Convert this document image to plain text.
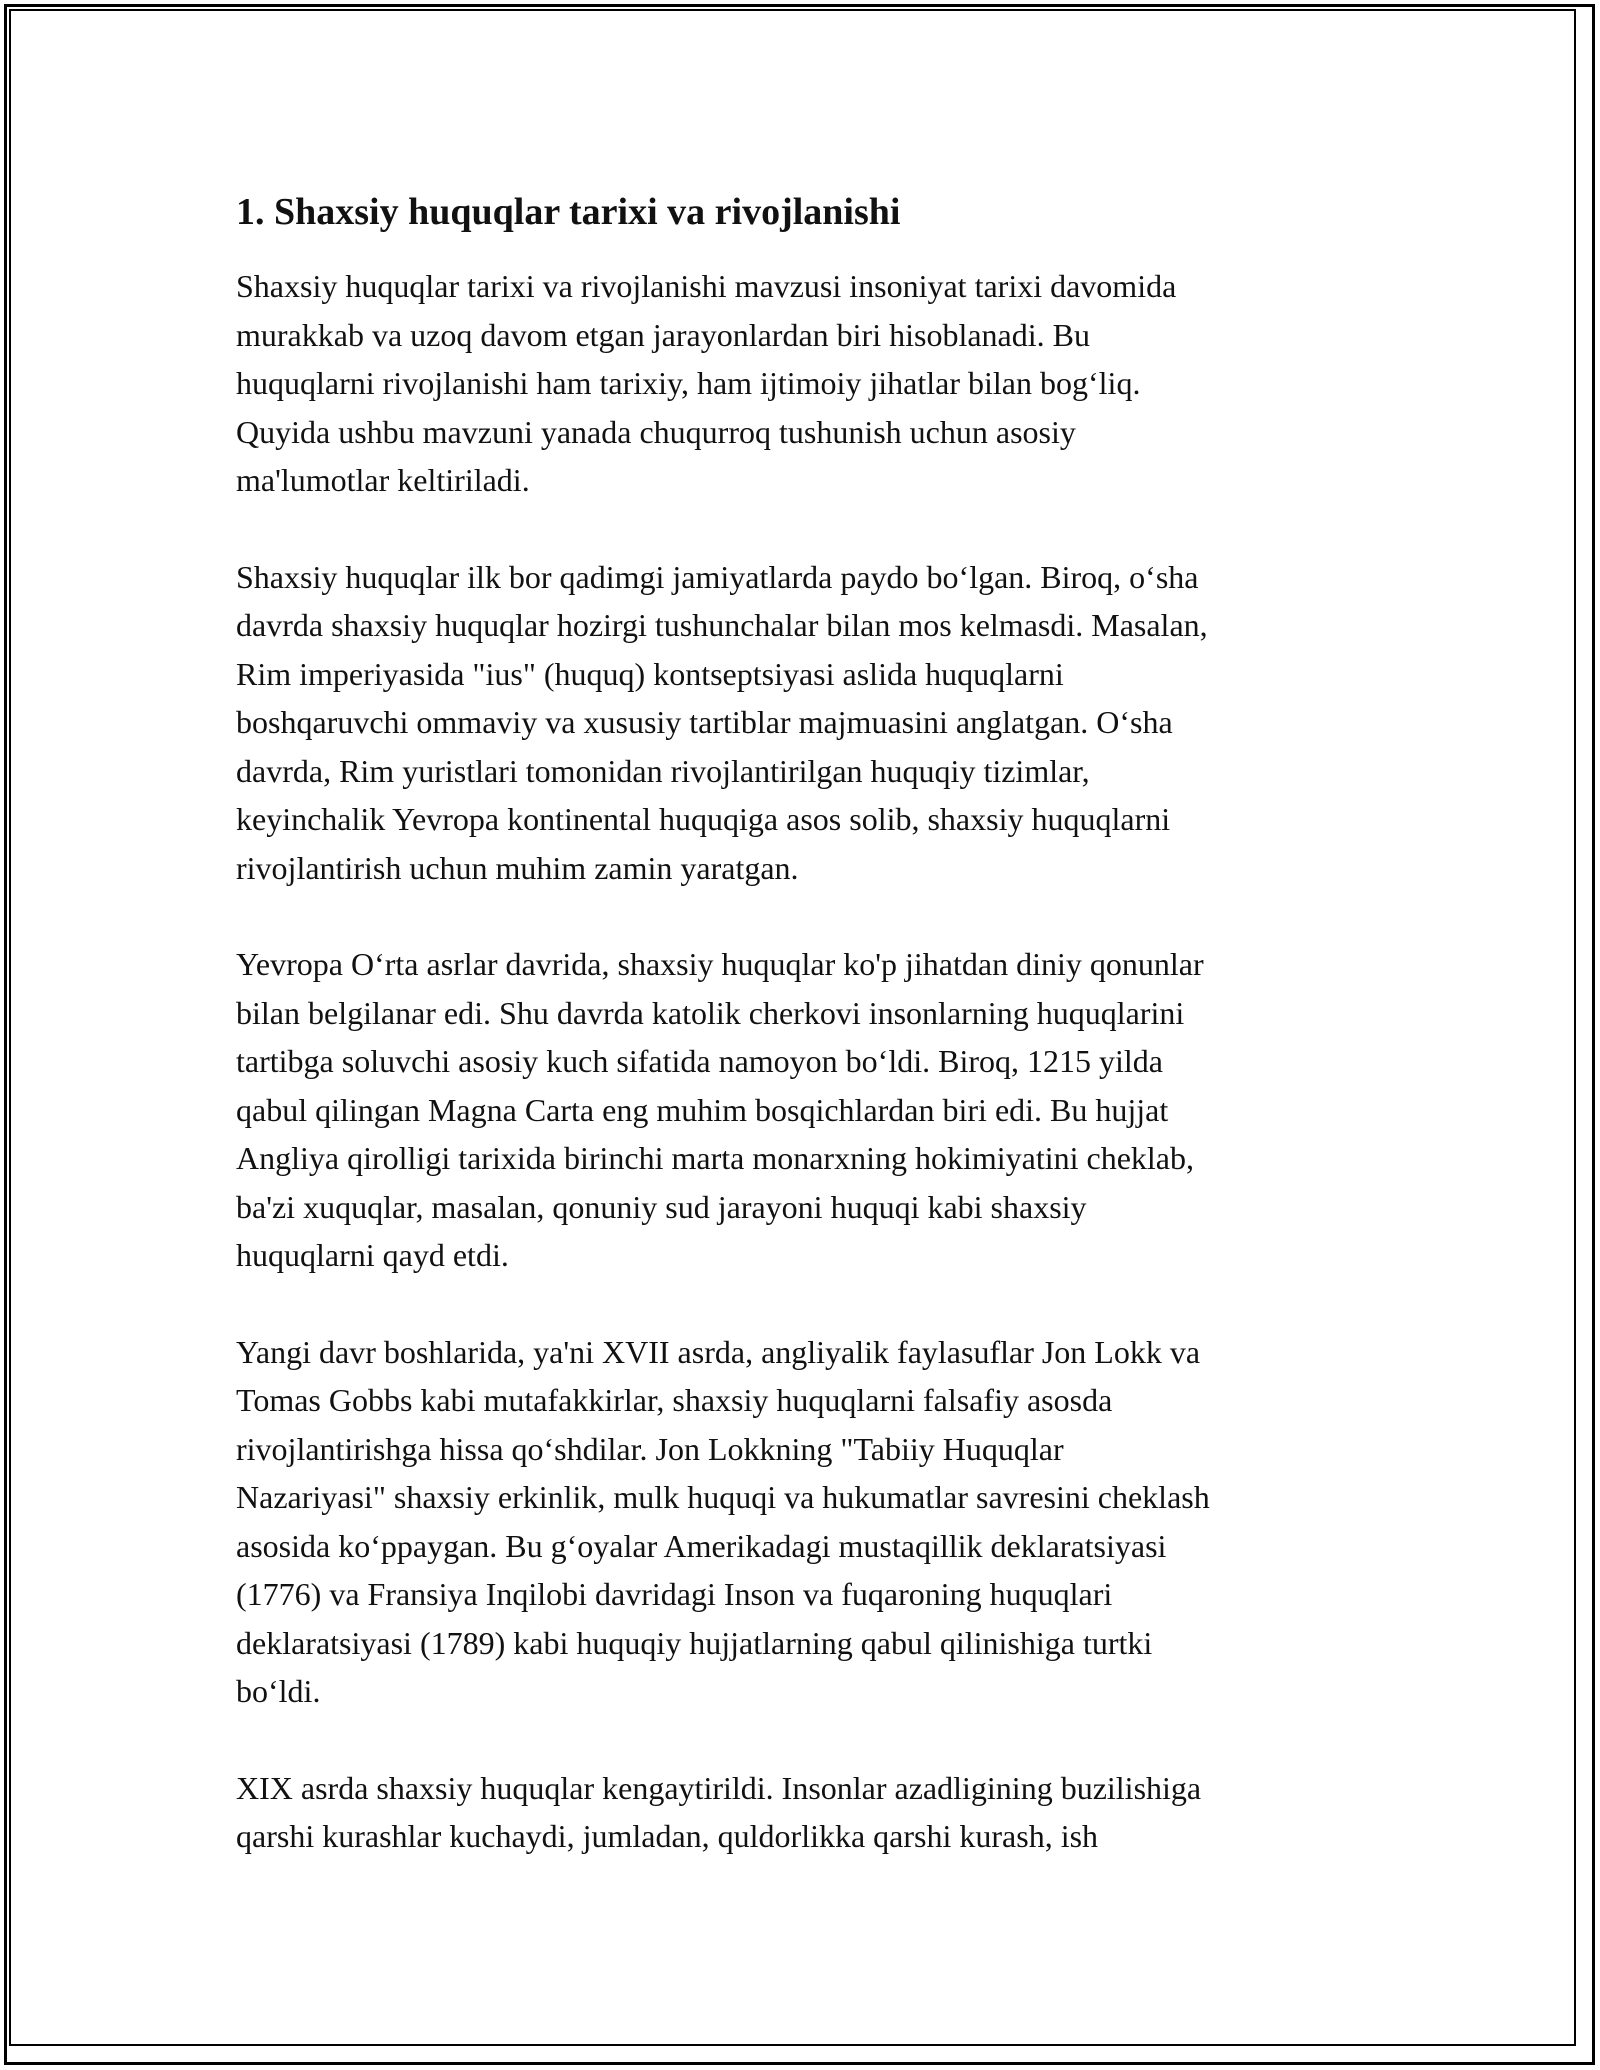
1. Shaxsiy huquqlar tarixi va rivojlanishi

Shaxsiy huquqlar tarixi va rivojlanishi mavzusi insoniyat tarixi davomida
murakkab va uzoq davom etgan jarayonlardan biri hisoblanadi. Bu
huquqlarni rivojlanishi ham tarixiy, ham ijtimoiy jihatlar bilan bog‘liq.
Quyida ushbu mavzuni yanada chuqurroq tushunish uchun asosiy
ma'lumotlar keltiriladi.

Shaxsiy huquqlar ilk bor qadimgi jamiyatlarda paydo bo‘lgan. Biroq, o‘sha
davrda shaxsiy huquqlar hozirgi tushunchalar bilan mos kelmasdi. Masalan,
Rim imperiyasida "ius" (huquq) kontseptsiyasi aslida huquqlarni
boshqaruvchi ommaviy va xususiy tartiblar majmuasini anglatgan. O‘sha
davrda, Rim yuristlari tomonidan rivojlantirilgan huquqiy tizimlar,
keyinchalik Yevropa kontinental huquqiga asos solib, shaxsiy huquqlarni
rivojlantirish uchun muhim zamin yaratgan.

Yevropa O‘rta asrlar davrida, shaxsiy huquqlar ko'p jihatdan diniy qonunlar
bilan belgilanar edi. Shu davrda katolik cherkovi insonlarning huquqlarini
tartibga soluvchi asosiy kuch sifatida namoyon bo‘ldi. Biroq, 1215 yilda
qabul qilingan Magna Carta eng muhim bosqichlardan biri edi. Bu hujjat
Angliya qirolligi tarixida birinchi marta monarxning hokimiyatini cheklab,
ba'zi xuquqlar, masalan, qonuniy sud jarayoni huquqi kabi shaxsiy
huquqlarni qayd etdi.

Yangi davr boshlarida, ya'ni XVII asrda, angliyalik faylasuflar Jon Lokk va
Tomas Gobbs kabi mutafakkirlar, shaxsiy huquqlarni falsafiy asosda
rivojlantirishga hissa qo‘shdilar. Jon Lokkning "Tabiiy Huquqlar
Nazariyasi" shaxsiy erkinlik, mulk huquqi va hukumatlar savresini cheklash
asosida ko‘ppaygan. Bu g‘oyalar Amerikadagi mustaqillik deklaratsiyasi
(1776) va Fransiya Inqilobi davridagi Inson va fuqaroning huquqlari
deklaratsiyasi (1789) kabi huquqiy hujjatlarning qabul qilinishiga turtki
bo‘ldi.

XIX asrda shaxsiy huquqlar kengaytirildi. Insonlar azadligining buzilishiga
qarshi kurashlar kuchaydi, jumladan, quldorlikka qarshi kurash, ish
